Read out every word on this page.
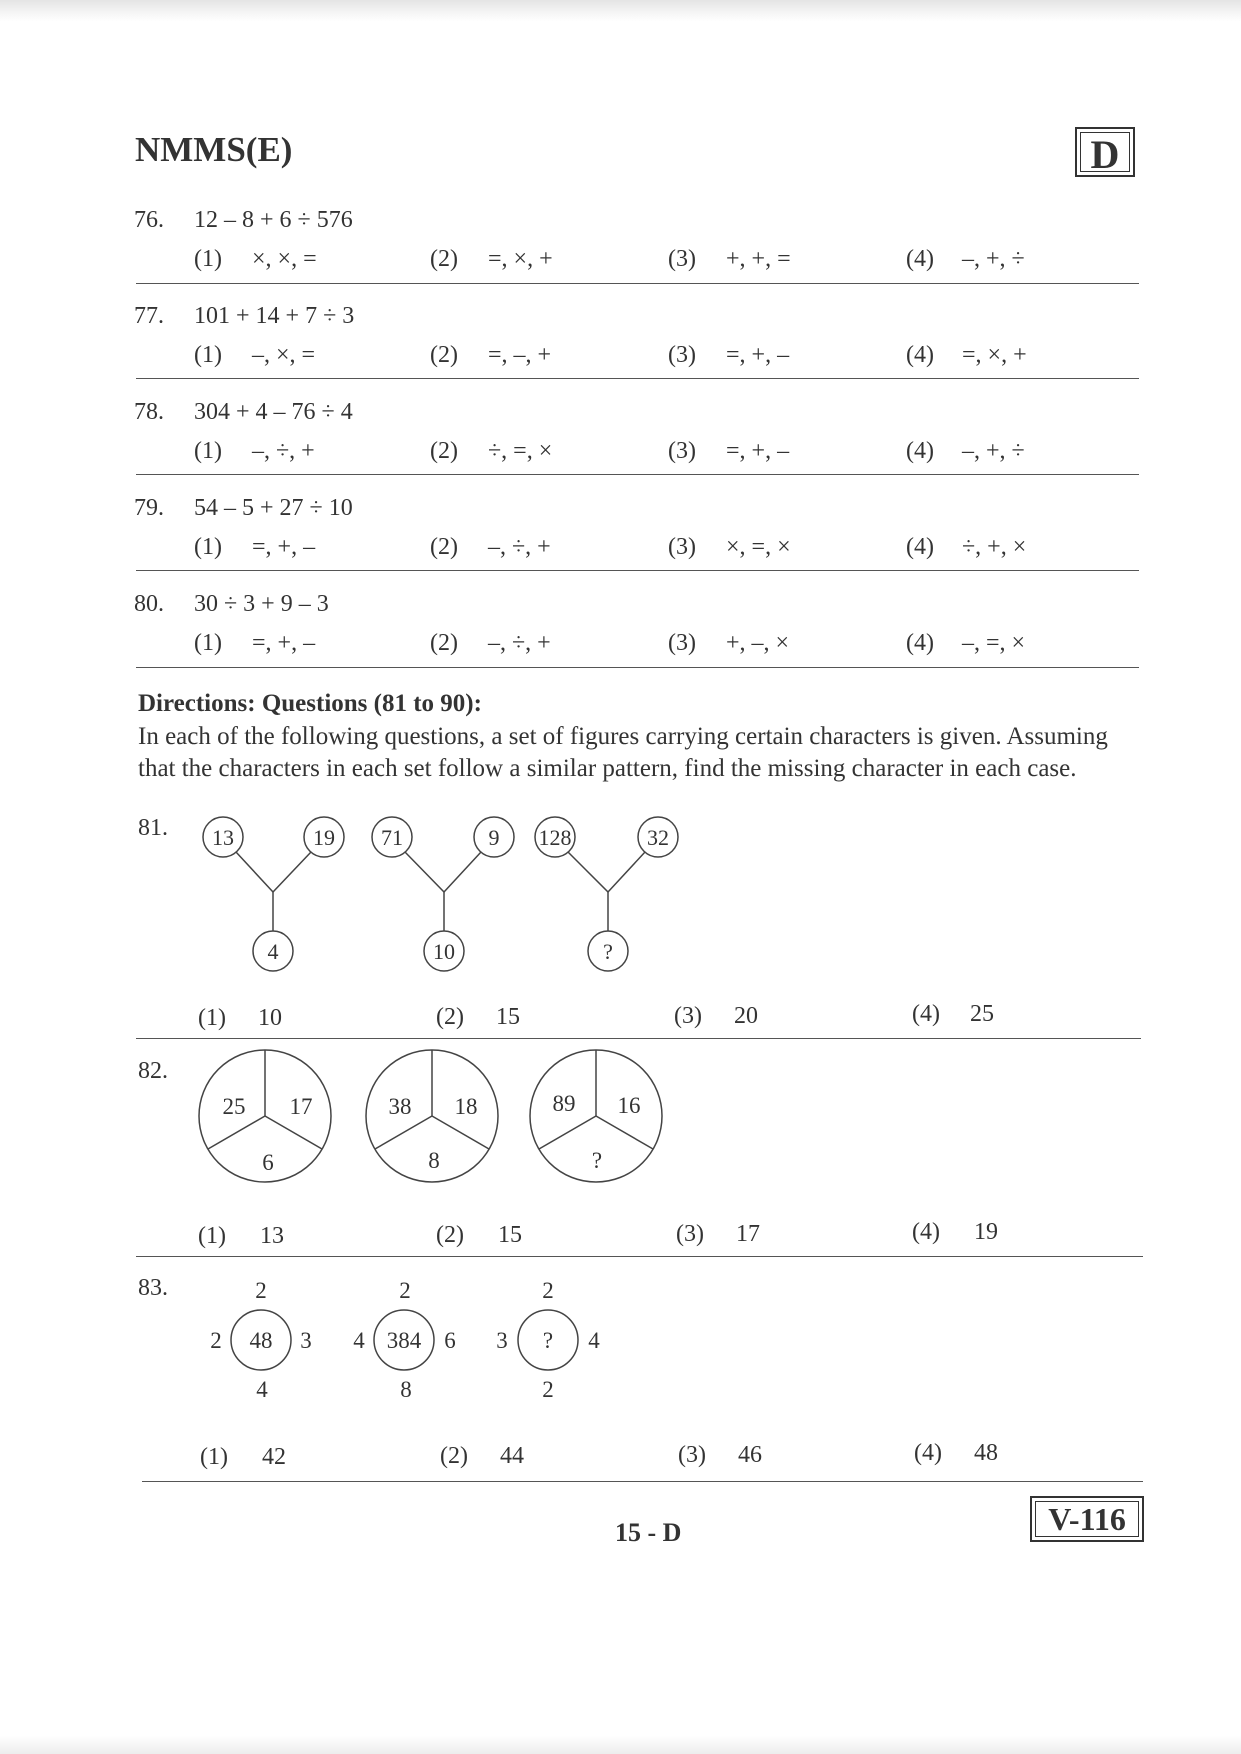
NMMS(E)	D
76. 12 – 8 + 6 ÷ 576
(1) ×, ×, =	(2) =, ×, +	(3) +, +, =	(4) –, +, ÷
77. 101 + 14 + 7 ÷ 3
(1) –, ×, =	(2) =, –, +	(3) =, +, –	(4) =, ×, +
78. 304 + 4 – 76 ÷ 4
(1) –, ÷, +	(2) ÷, =, ×	(3) =, +, –	(4) –, +, ÷
79. 54 – 5 + 27 ÷ 10
(1) =, +, –	(2) –, ÷, +	(3) ×, =, ×	(4) ÷, +, ×
80. 30 ÷ 3 + 9 – 3
(1) =, +, –	(2) –, ÷, +	(3) +, –, ×	(4) –, =, ×
Directions: Questions (81 to 90):
In each of the following questions, a set of figures carrying certain characters is given. Assuming
that the characters in each set follow a similar pattern, find the missing character in each case.
81. 13	19
4
71	9
10
128	32
?
(1) 10	(2) 15	(3) 20	(4) 25
82.
25 17
6
38 18
8
89 16
?
(1) 13	(2) 15	(3) 17	(4) 19
83.	2
2 48 3
4
2
4 384 6
8
2
3 ? 4
2
(1) 42	(2) 44	(3) 46	(4) 48
15 - D	V-116
